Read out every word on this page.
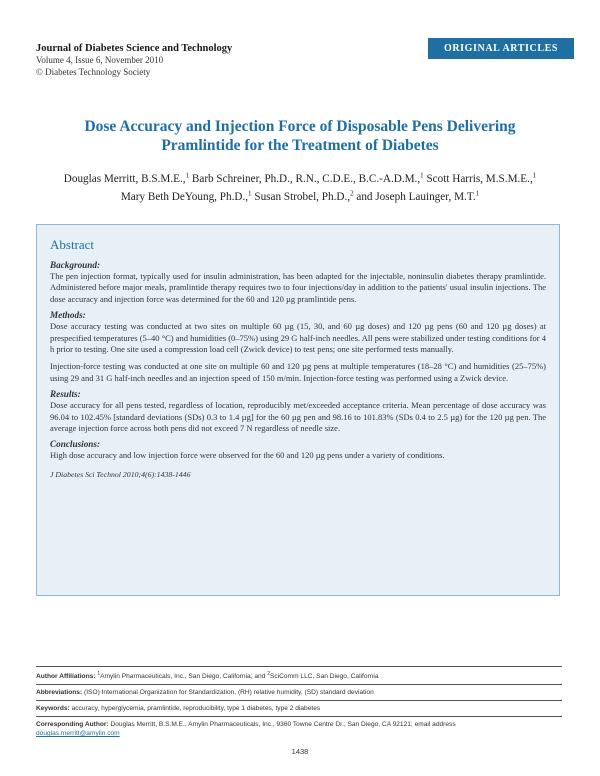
Journal of Diabetes Science and Technology
Volume 4, Issue 6, November 2010
© Diabetes Technology Society
ORIGINAL ARTICLES
Dose Accuracy and Injection Force of Disposable Pens Delivering
Pramlintide for the Treatment of Diabetes
Douglas Merritt, B.S.M.E.,$^1$ Barb Schreiner, Ph.D., R.N., C.D.E., B.C.-A.D.M.,$^1$ Scott Harris, M.S.M.E.,$^1$
Mary Beth DeYoung, Ph.D.,$^1$ Susan Strobel, Ph.D.,$^2$ and Joseph Lauinger, M.T.$^1$
Abstract
Background:
The pen injection format, typically used for insulin administration, has been adapted for the injectable, noninsulin diabetes therapy pramlintide. Administered before major meals, pramlintide therapy requires two to four injections/day in addition to the patients' usual insulin injections. The dose accuracy and injection force was determined for the 60 and 120 µg pramlintide pens.
Methods:
Dose accuracy testing was conducted at two sites on multiple 60 µg (15, 30, and 60 µg doses) and 120 µg pens (60 and 120 µg doses) at prespecified temperatures (5–40 °C) and humidities (0–75%) using 29 G half-inch needles. All pens were stabilized under testing conditions for 4 h prior to testing. One site used a compression load cell (Zwick device) to test pens; one site performed tests manually.
Injection-force testing was conducted at one site on multiple 60 and 120 µg pens at multiple temperatures (18–28 °C) and humidities (25–75%) using 29 and 31 G half-inch needles and an injection speed of 150 m/min. Injection-force testing was performed using a Zwick device.
Results:
Dose accuracy for all pens tested, regardless of location, reproducibly met/exceeded acceptance criteria. Mean percentage of dose accuracy was 96.04 to 102.45% [standard deviations (SDs) 0.3 to 1.4 µg] for the 60 µg pen and 98.16 to 101.83% (SDs 0.4 to 2.5 µg) for the 120 µg pen. The average injection force across both pens did not exceed 7 N regardless of needle size.
Conclusions:
High dose accuracy and low injection force were observed for the 60 and 120 µg pens under a variety of conditions.
J Diabetes Sci Technol 2010;4(6):1438-1446
Author Affiliations: $^1$Amylin Pharmaceuticals, Inc., San Diego, California; and $^2$SciComm LLC, San Diego, California
Abbreviations: (ISO) International Organization for Standardization, (RH) relative humidity, (SD) standard deviation
Keywords: accuracy, hyperglycemia, pramlintide, reproducibility, type 1 diabetes, type 2 diabetes
Corresponding Author: Douglas Merritt, B.S.M.E., Amylin Pharmaceuticals, Inc., 9360 Towne Centre Dr., San Diego, CA 92121; email address
douglas.merritt@amylin.com
1438
